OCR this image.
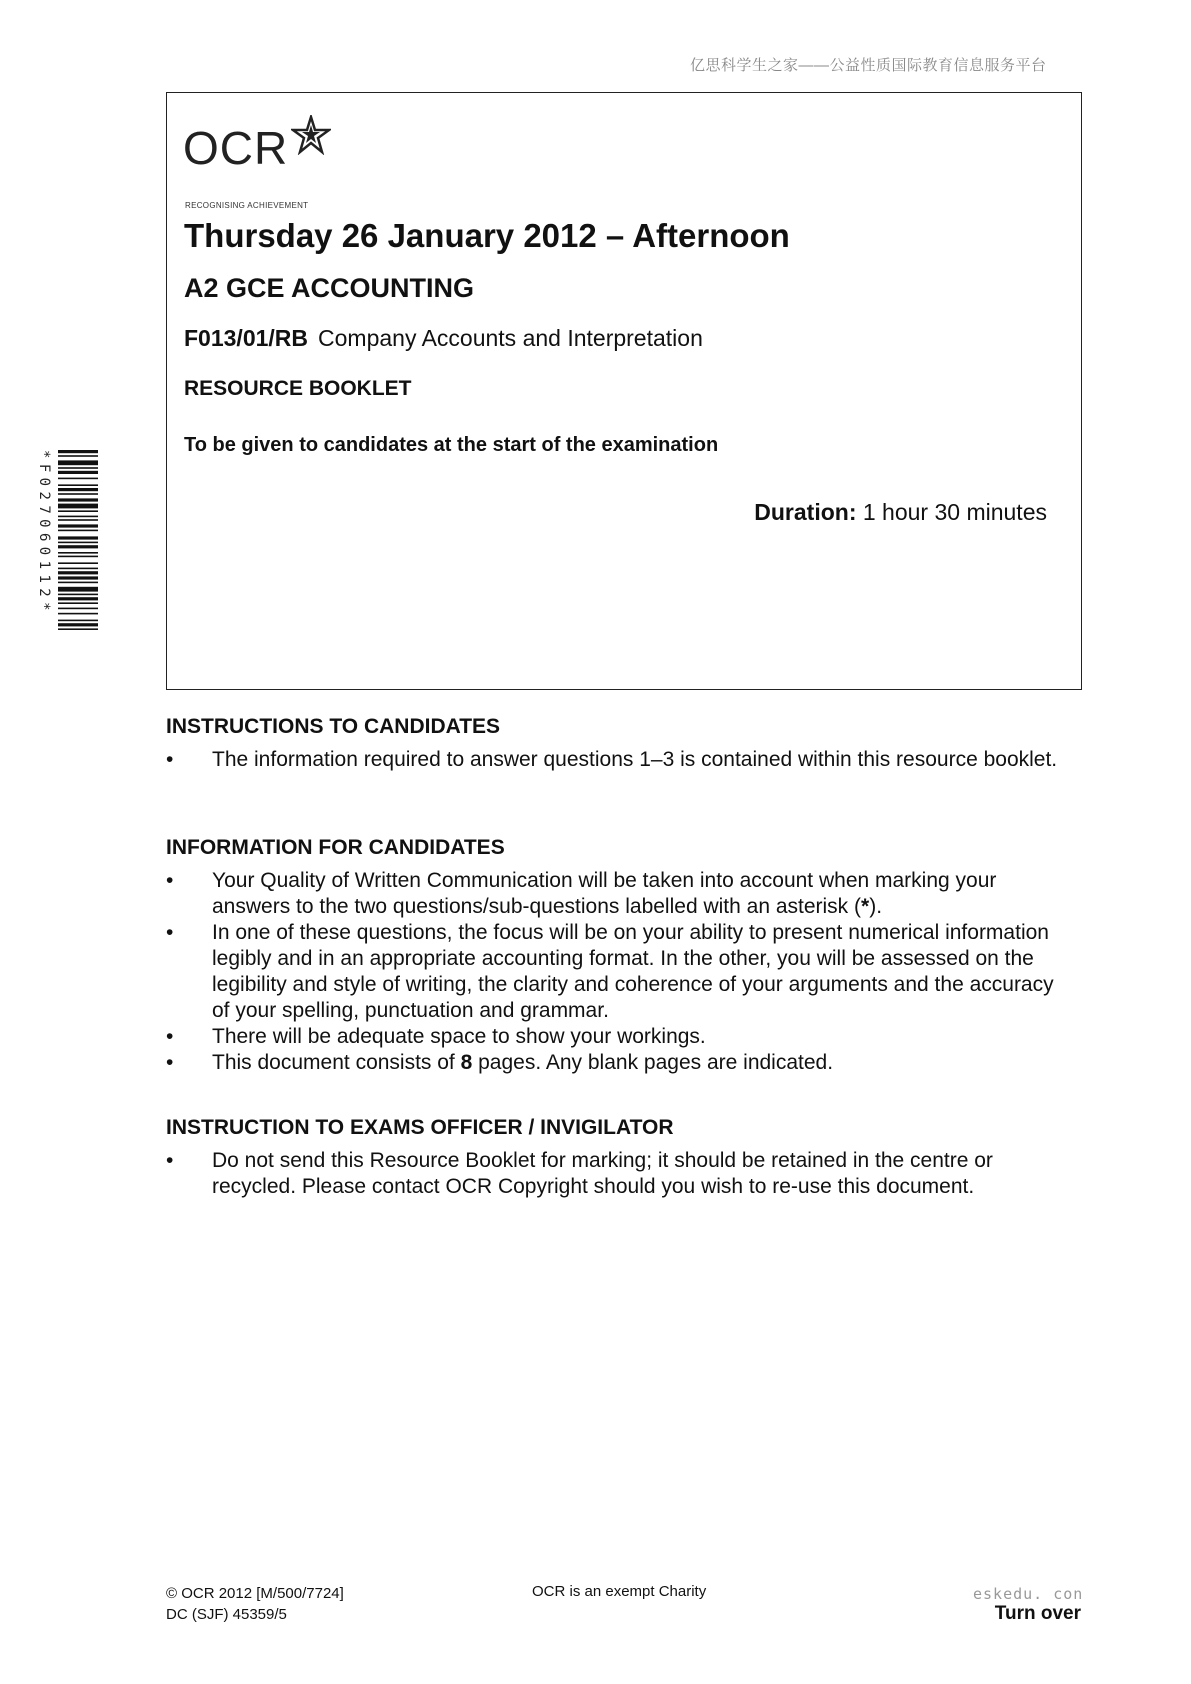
亿思科学生之家——公益性质国际教育信息服务平台
OCR
RECOGNISING ACHIEVEMENT
Thursday 26 January 2012 – Afternoon
A2 GCE ACCOUNTING
F013/01/RB Company Accounts and Interpretation
RESOURCE BOOKLET
To be given to candidates at the start of the examination
Duration: 1 hour 30 minutes
*F027060112*
INSTRUCTIONS TO CANDIDATES
• The information required to answer questions 1–3 is contained within this resource booklet.
INFORMATION FOR CANDIDATES
• Your Quality of Written Communication will be taken into account when marking your answers to the two questions/sub-questions labelled with an asterisk (*).
• In one of these questions, the focus will be on your ability to present numerical information legibly and in an appropriate accounting format. In the other, you will be assessed on the legibility and style of writing, the clarity and coherence of your arguments and the accuracy of your spelling, punctuation and grammar.
• There will be adequate space to show your workings.
• This document consists of 8 pages. Any blank pages are indicated.
INSTRUCTION TO EXAMS OFFICER / INVIGILATOR
• Do not send this Resource Booklet for marking; it should be retained in the centre or recycled. Please contact OCR Copyright should you wish to re-use this document.
© OCR 2012 [M/500/7724]
DC (SJF) 45359/5
OCR is an exempt Charity	eskedu. con
Turn over
